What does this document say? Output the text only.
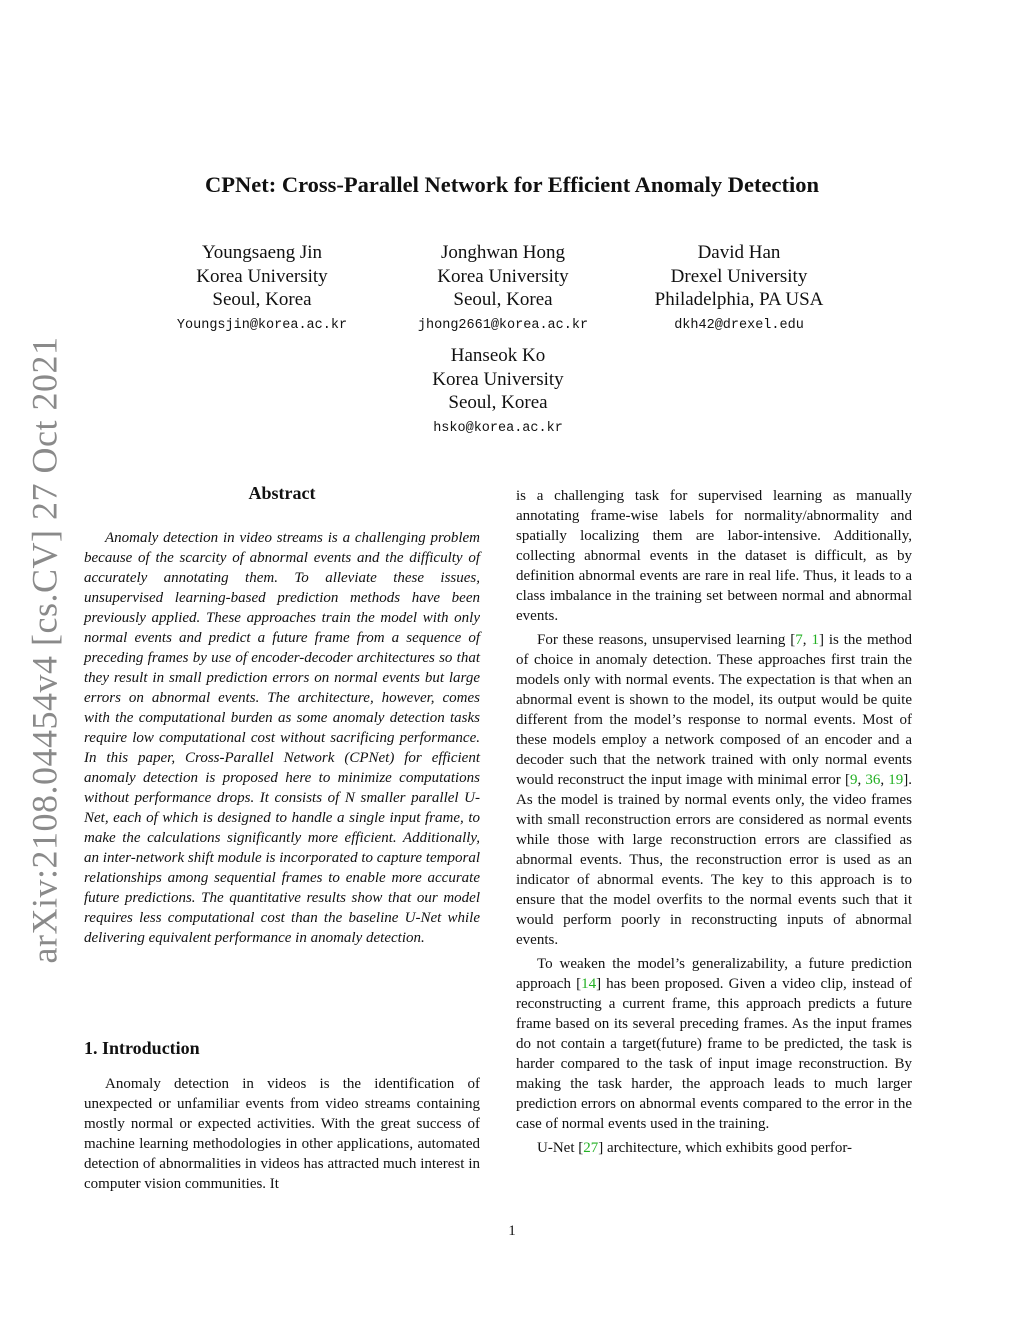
arXiv:2108.04454v4 [cs.CV] 27 Oct 2021
CPNet: Cross-Parallel Network for Efficient Anomaly Detection
Youngsaeng Jin
Korea University
Seoul, Korea
Youngsjin@korea.ac.kr
Jonghwan Hong
Korea University
Seoul, Korea
jhong2661@korea.ac.kr
David Han
Drexel University
Philadelphia, PA USA
dkh42@drexel.edu
Hanseok Ko
Korea University
Seoul, Korea
hsko@korea.ac.kr
Abstract

Anomaly detection in video streams is a challenging problem because of the scarcity of abnormal events and the difficulty of accurately annotating them. To alleviate these issues, unsupervised learning-based prediction methods have been previously applied. These approaches train the model with only normal events and predict a future frame from a sequence of preceding frames by use of encoder-decoder architectures so that they result in small prediction errors on normal events but large errors on abnormal events. The architecture, however, comes with the computational burden as some anomaly detection tasks require low computational cost without sacrificing performance. In this paper, Cross-Parallel Network (CPNet) for efficient anomaly detection is proposed here to minimize computations without performance drops. It consists of N smaller parallel U-Net, each of which is designed to handle a single input frame, to make the calculations significantly more efficient. Additionally, an inter-network shift module is incorporated to capture temporal relationships among sequential frames to enable more accurate future predictions. The quantitative results show that our model requires less computational cost than the baseline U-Net while delivering equivalent performance in anomaly detection.

1. Introduction

Anomaly detection in videos is the identification of unexpected or unfamiliar events from video streams containing mostly normal or expected activities. With the great success of machine learning methodologies in other applications, automated detection of abnormalities in videos has attracted much interest in computer vision communities. It

is a challenging task for supervised learning as manually annotating frame-wise labels for normality/abnormality and spatially localizing them are labor-intensive. Additionally, collecting abnormal events in the dataset is difficult, as by definition abnormal events are rare in real life. Thus, it leads to a class imbalance in the training set between normal and abnormal events.

For these reasons, unsupervised learning [7, 1] is the method of choice in anomaly detection. These approaches first train the models only with normal events. The expectation is that when an abnormal event is shown to the model, its output would be quite different from the model’s response to normal events. Most of these models employ a network composed of an encoder and a decoder such that the network trained with only normal events would reconstruct the input image with minimal error [9, 36, 19]. As the model is trained by normal events only, the video frames with small reconstruction errors are considered as normal events while those with large reconstruction errors are classified as abnormal events. Thus, the reconstruction error is used as an indicator of abnormal events. The key to this approach is to ensure that the model overfits to the normal events such that it would perform poorly in reconstructing inputs of abnormal events.

To weaken the model’s generalizability, a future prediction approach [14] has been proposed. Given a video clip, instead of reconstructing a current frame, this approach predicts a future frame based on its several preceding frames. As the input frames do not contain a target(future) frame to be predicted, the task is harder compared to the task of input image reconstruction. By making the task harder, the approach leads to much larger prediction errors on abnormal events compared to the error in the case of normal events used in the training.

U-Net [27] architecture, which exhibits good perfor-

1
